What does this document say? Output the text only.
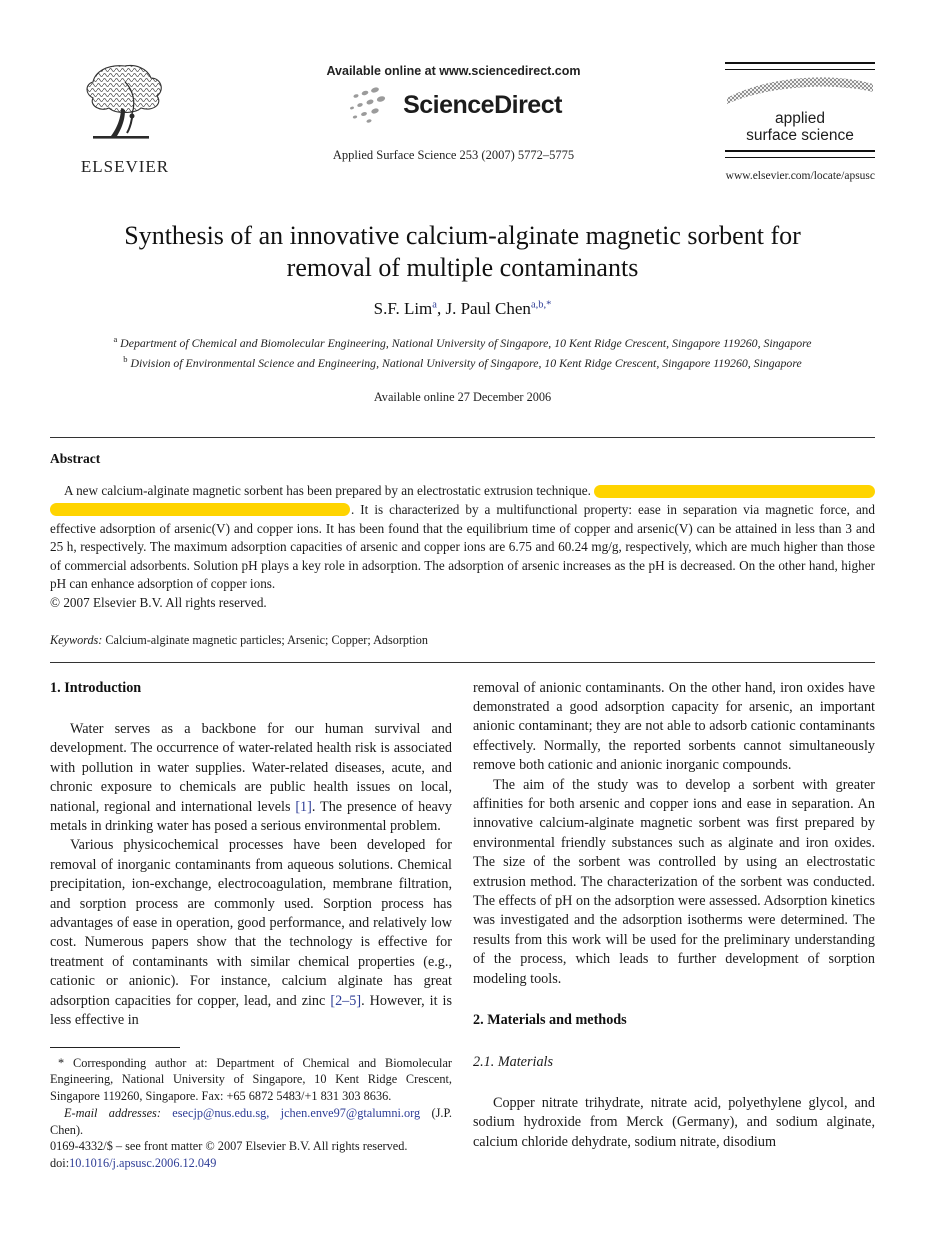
ELSEVIER
Available online at www.sciencedirect.com
ScienceDirect
Applied Surface Science 253 (2007) 5772–5775
applied
surface science
www.elsevier.com/locate/apsusc
Synthesis of an innovative calcium-alginate magnetic sorbent for removal of multiple contaminants
S.F. Lim$^a$, J. Paul Chen$^{a,b,*}$
$^a$ Department of Chemical and Biomolecular Engineering, National University of Singapore, 10 Kent Ridge Crescent, Singapore 119260, Singapore
$^b$ Division of Environmental Science and Engineering, National University of Singapore, 10 Kent Ridge Crescent, Singapore 119260, Singapore
Available online 27 December 2006
Abstract
A new calcium-alginate magnetic sorbent has been prepared by an electrostatic extrusion technique.

. It is characterized by a multifunctional property: ease in separation via magnetic force, and effective adsorption of arsenic(V) and copper ions. It has been found that the equilibrium time of copper and arsenic(V) can be attained in less than 3 and 25 h, respectively. The maximum adsorption capacities of arsenic and copper ions are 6.75 and 60.24 mg/g, respectively, which are much higher than those of commercial adsorbents. Solution pH plays a key role in adsorption. The adsorption of arsenic increases as the pH is decreased. On the other hand, higher pH can enhance adsorption of copper ions.

© 2007 Elsevier B.V. All rights reserved.

Keywords: Calcium-alginate magnetic particles; Arsenic; Copper; Adsorption

1. Introduction

Water serves as a backbone for our human survival and development. The occurrence of water-related health risk is associated with pollution in water supplies. Water-related diseases, acute, and chronic exposure to chemicals are public health issues on local, national, regional and international levels [1]. The presence of heavy metals in drinking water has posed a serious environmental problem.

Various physicochemical processes have been developed for removal of inorganic contaminants from aqueous solutions. Chemical precipitation, ion-exchange, electrocoagulation, membrane filtration, and sorption process are commonly used. Sorption process has advantages of ease in operation, good performance, and relatively low cost. Numerous papers show that the technology is effective for treatment of contaminants with similar chemical properties (e.g., cationic or anionic). For instance, calcium alginate has great adsorption capacities for copper, lead, and zinc [2–5]. However, it is less effective in

* Corresponding author at: Department of Chemical and Biomolecular Engineering, National University of Singapore, 10 Kent Ridge Crescent, Singapore 119260, Singapore. Fax: +65 6872 5483/+1 831 303 8636.

E-mail addresses: esecjp@nus.edu.sg, jchen.enve97@gtalumni.org (J.P. Chen).

0169-4332/$ – see front matter © 2007 Elsevier B.V. All rights reserved.

doi:10.1016/j.apsusc.2006.12.049

removal of anionic contaminants. On the other hand, iron oxides have demonstrated a good adsorption capacity for arsenic, an important anionic contaminant; they are not able to adsorb cationic contaminants effectively. Normally, the reported sorbents cannot simultaneously remove both cationic and anionic inorganic compounds.

The aim of the study was to develop a sorbent with greater affinities for both arsenic and copper ions and ease in separation. An innovative calcium-alginate magnetic sorbent was first prepared by environmental friendly substances such as alginate and iron oxides. The size of the sorbent was controlled by using an electrostatic extrusion method. The characterization of the sorbent was conducted. The effects of pH on the adsorption were assessed. Adsorption kinetics was investigated and the adsorption isotherms were determined. The results from this work will be used for the preliminary understanding of the process, which leads to further development of sorption modeling tools.

2. Materials and methods
2.1. Materials

Copper nitrate trihydrate, nitrate acid, polyethylene glycol, and sodium hydroxide from Merck (Germany), and sodium alginate, calcium chloride dehydrate, sodium nitrate, disodium
